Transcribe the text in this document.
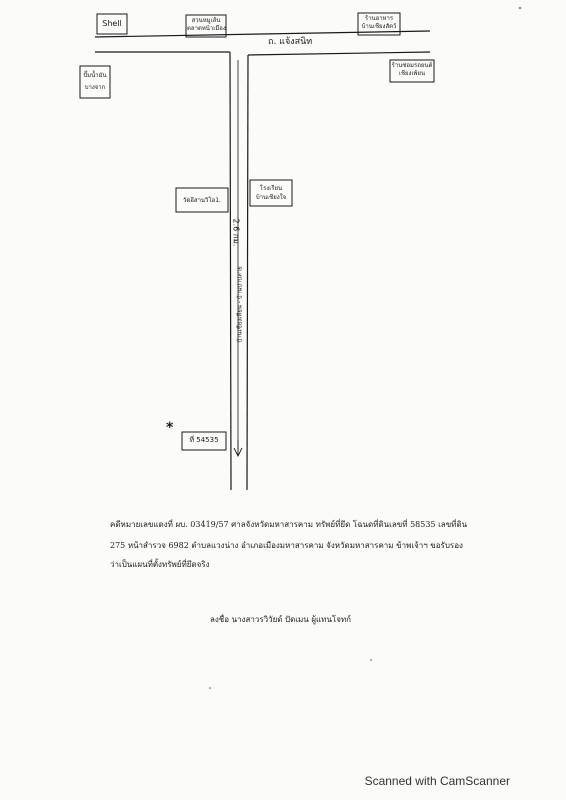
Shell	สวนหมูเส้น
ตลาดหน้าเมือง
ร้านอาหาร
บ้านเชียงสัตว์
ถ. แจ้งสนิท
ปั๊มน้ำมัน
บางจาก
ร้านซ่อมรถยนต์
เชียงเพ้ยน
วัดอีสานวิโอ1.
โรงเรียน
บ้านเชียงใจ
2.6 กม.
บ้านเชียงเหียน - บ้านบ่าบลาย
*
ที่ 54535
คดีหมายเลขแดงที่ ผบ. 03419/57 ศาลจังหวัดมหาสารคาม ทรัพย์ที่ยึด โฉนดที่ดินเลขที่ 58535 เลขที่ดิน
275 หน้าสำรวจ 6982 ตำบลแวงน่าง อำเภอเมืองมหาสารคาม จังหวัดมหาสารคาม ข้าพเจ้าฯ ขอรับรอง
ว่าเป็นแผนที่ตั้งทรัพย์ที่ยึดจริง
ลงชื่อ นางสาวรวิวัยด์ ปัดเมน ผู้แทนโจทก์
Scanned with CamScanner
